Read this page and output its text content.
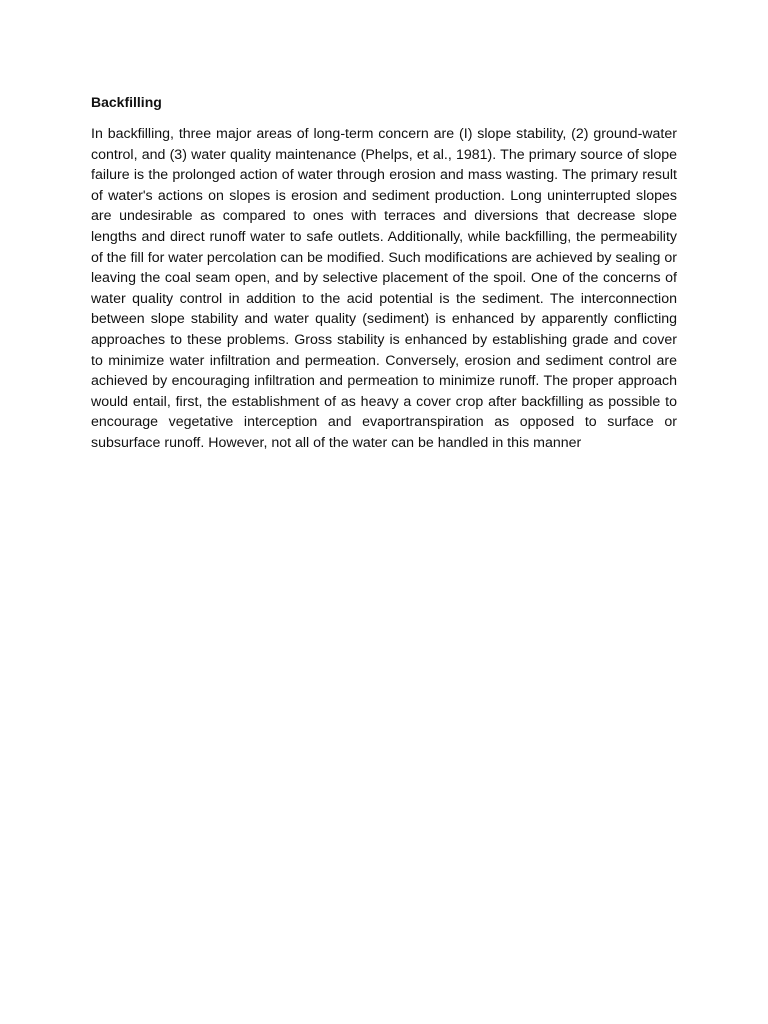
Backfilling

In backfilling, three major areas of long-term concern are (I) slope stability, (2) ground-water control, and (3) water quality maintenance (Phelps, et al., 1981). The primary source of slope failure is the prolonged action of water through erosion and mass wasting. The primary result of water's actions on slopes is erosion and sediment production. Long uninterrupted slopes are undesirable as compared to ones with terraces and diversions that decrease slope lengths and direct runoff water to safe outlets. Additionally, while backfilling, the permeability of the fill for water percolation can be modified. Such modifications are achieved by sealing or leaving the coal seam open, and by selective placement of the spoil. One of the concerns of water quality control in addition to the acid potential is the sediment. The interconnection between slope stability and water quality (sediment) is enhanced by apparently conflicting approaches to these problems. Gross stability is enhanced by establishing grade and cover to minimize water infiltration and permeation. Conversely, erosion and sediment control are achieved by encouraging infiltration and permeation to minimize runoff. The proper approach would entail, first, the establishment of as heavy a cover crop after backfilling as possible to encourage vegetative interception and evaportranspiration as opposed to surface or subsurface runoff. However, not all of the water can be handled in this manner
